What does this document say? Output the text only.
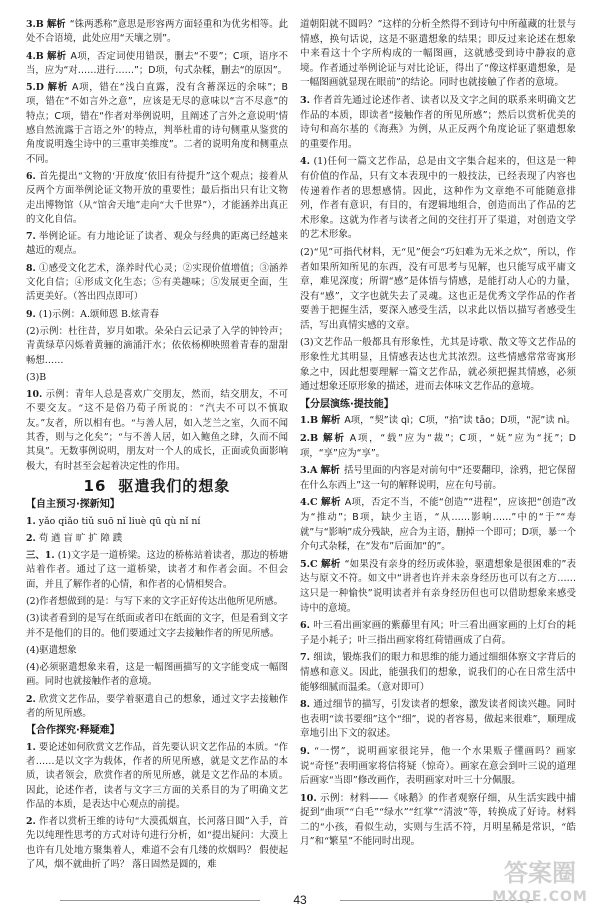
3.B 解析 “铢两悉称”意思是形容两方面轻重和为优劣相等。此处不合语境，此处应用“天壤之别”。
4.B 解析 A项，否定词使用错误，删去“不要”；C项，语序不当，应为“对……进行……”；D项，句式杂糅，删去“的原因”。
5.D 解析 A项，错在“浅白直露，没有含蓄深远的余味”；B项，错在“不如言外之意”，应该是无尽的意味以“言不尽意”的特点；C项，错在“作者对举例说明，且阐述了言外之意说明‘情感自然流露于言语之外’的特点，判举杜甫的诗句侧重从鉴赏的角度说明逸尘诗中的三重审美维度”。二者的说明角度和侧重点不同。
6. 首先提出“文物的‘开放度’依旧有待提升”这个观点；接着从反两个方面举例论证文物开放的重要性；最后指出只有让文物走出博物馆（从“馆舍天地”走向“大千世界”），才能涵养出真正的文化自信。
7. 举例论证。有力地论证了读者、观众与经典的距离已经越来越近的观点。
8. ①感受文化艺术，涤养时代心灵；②实现价值增值；③涵养文化自信；④形成文化生态；⑤有美趣味；⑤发展更全面，生活更美好。（答出四点即可）
9. (1)示例：A.颂师恩 B.炫青春
(2)示例：杜往昔，岁月如歌。朵朵白云记录了入学的钟铃声；青黄绿草闪烁着黄骊的滴涌汗水；依依杨柳映照着青春的甜甜畅想……
(3)B
10. 示例：青年人总是喜欢广交朋友，然而，结交朋友，不可不要交友。“这不是俗乃荀子所说的：“汽夫不可以不慎取友。”友者，所以相有也。“与善人居，如入芝兰之室，久而不闻其香，则与之化矣”；“与不善人居，如入鲍鱼之肆，久而不闻其臭”。无数事例说明，朋友对一个人的成长，正面或负面影响极大，有时甚至会起着决定性的作用。
16 驱遣我们的想象
【自主预习·探新知】
1. yǎo qiǎo tiǔ suō nǐ liuè qū qù nǐ ní
2. 苟 遒 盲 旷 扩 障 蹼
三、1. (1)文字是一道桥梁。这边的桥栋站着读者，那边的桥塘站着作者。通过了这一道桥梁，读者才和作者会面。不但会面，并且了解作者的心情，和作者的心情相契合。
(2)作者想做到的是：与写下来的文字正好传达出他所见所感。
(3)读者看到的是写在纸面或者印在纸面的文字，但是看到文字并不是他们的目的。他们要通过文字去接触作者的所见所感。
(4)驱遣想象
(4)必须驱遣想象来看，这是一幅图画描写的文字能变成一幅图画。同时也就接触作者的意境。
2. 欣赏文艺作品，要学着驱遣自己的想象，通过文字去接触作者的所见所感。
【合作探究·释疑难】
1. 要论述如何欣赏文艺作品，首先要认识文艺作品的本质。“作者……是以文字为载体，作者的所见所感，就是文艺作品的本质，读者领会，欣赏作者的所见所感，就是文艺作品的本质。因此，论述作者，读者与文字三方面的关系目的为了明确文艺作品的本质，是表达中心观点的前提。
2. 作者以赏析王维的诗句“大漠孤烟直，长河落日圆”入手，首先以纯理性思考的方式对诗句进行分析，如“提出疑问：大漠上也许有几处地方聚集着人，难道不会有几缕的炊烟吗？ 假使起了风，烟不就曲折了吗？ 落日固然是圆的，难
道朝阳就不圆吗？”这样的分析全然得不到诗句中所蕴藏的壮景与情感，换句话说，这是不驱遣想象的结果；即反过来论述在想象中来看这十个字所构成的一幅图画，这就感受到诗中静寂的意境。作者通过举例论证与对比论证，得出了“像这样驱遣想象，是一幅图画就显现在眼前”的结论。同时也就接触了作者的意境。
3. 作者首先通过论述作者、读者以及文字之间的联系来明确文艺作品的本质，即读者“接触作者的所见所感”；然后以赏析优美的诗句和高尔基的《海燕》为例，从正反两个角度论证了驱遣想象的重要作用。
4. (1)任何一篇文艺作品，总是由文字集合起来的，但这是一种有价值的作品，只有文本表现中的一般技法，已经表现了内容也传递着作者的思想感情。因此，这种作为文章绝不可能随意排列，作者有意识，有目的，有逻辑地组合，创造而出了作品的艺术形象。这就为作者与读者之间的交往打开了渠道，对创造文学的艺术形象。
(2)“见”可指代材料，无“见”便会“巧妇难为无米之炊”，所以，作者如果所知所见的东西，没有可思考与见解，也只能写成平庸文章，难见深度；所谓“感”是体悟与情感，是能打动人心的力量，没有“感”，文字也就失去了灵魂。这也正是优秀文学作品的作者要善于把握生活，要深入感受生活，以求此以悟以描写者感受生活，写出真情实感的文章。
(3)文艺作品一般都具有形象性，尤其是诗歌、散文等文艺作品的形象性尤其明显，且情感表达也尤其浓烈。这些情感常常寄寓形象之中，因此想要理解一篇文艺作品，就必须把握其情感，必须通过想象还原形象的描述，进而去体味文艺作品的意境。
【分层演练·提技能】
1.B 解析 A项，“契”读 qì；C项，“掐”读 tāo；D项，“泥”读 nì。
2.B 解析 A项，“载”应为“裁”；C项，“妩”应为“抚”；D项，“享”应为“享”。
3.A 解析 括号里面的内容是对前句中“还要翻印，涂鸦，把它保留在什么东西上”这一句的解释说明，应在句号前。
4.C 解析 A项，否定不当，不能“创造”“进程”，应该把“创造”改为“推动”；B项，缺少主语，“从……影响……”中的“于”“寿就”与“影响”成分残缺，应合为主语，删掉一个即可；D项，暴一个介句式杂糅，在“发布”后面加“的”。
5.C 解析 “如果没有亲身的经历或体验，驱遣想象是很困难的”表达与原文不符。如文中“讲者也许并未亲身经历也可以有之方……这只是一种愉快”说明读者并有亲身经历但也可以借助想象来感受诗中的意境。
6. 叶三看出画家画的紫藤里有风；叶三看出画家画的上灯台的耗子是小耗子；叶三指出画家将红荷错画成了白荷。
7. 细读，锻炼我们的眼力和思维的能力通过细细体察文字背后的情感和意义。因此，能强我们的想象，说我们的心在日常生活中能够细腻而温柔。（意对即可）
8. 通过细节的描写，引发读者的想象，激发读者阅读兴趣。同时也表明“读书要细”这个“细”，说的者容易，做起来很难”，顺理成章地引出下文的叙述。
9. “一愣”，说明画家很诧异，他一个水果贩子懂画吗？画家说“奇怪”表明画家将信将疑（惊奇）。画家在意会到叶三说的道理后画家“当即”修改画作，表明画家对叶三十分佩服。
10. 示例：材料——《咏鹅》的作者观察仔细，从生活实践中捕捉到“曲项”“白毛”“绿水”“红掌”“清波”等，转换成了好诗。材料二的“小孩，看似生动，实则与生活不符，月明星稀是常识，“皓月”和“繁星”不能同时出现。
43
答案圈
MXQE.COM
